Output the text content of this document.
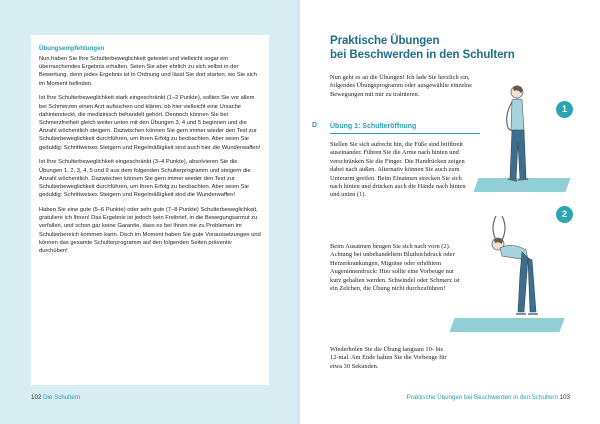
Übungsempfehlungen

Nun haben Sie Ihre Schulterbeweglichkeit getestet und vielleicht sogar ein überraschendes Ergebnis erhalten. Seien Sie aber ehrlich zu sich selbst in der Bewertung, denn jedes Ergebnis ist in Ordnung und lässt Sie dort starten, wo Sie sich im Moment befinden.

Ist Ihre Schulterbeweglichkeit stark eingeschränkt (1–2 Punkte), sollten Sie vor allem bei Schmerzen einen Arzt aufsuchen und klären, ob hier vielleicht eine Ursache dahintersteckt, die medizinisch behandelt gehört. Dennoch können Sie bei Schmerzfreiheit gleich weiter unten mit den Übungen 3, 4 und 5 beginnen und die Anzahl wöchentlich steigern. Dazwischen können Sie gern immer wieder den Test zur Schulterbeweglichkeit durchführen, um Ihren Erfolg zu beobachten. Aber seien Sie geduldig: Schrittweises Steigern und Regelmäßigkeit sind auch hier die Wunderwaffen!

Ist Ihre Schulterbeweglichkeit eingeschränkt (3–4 Punkte), absolvieren Sie die Übungen 1, 2, 3, 4, 5 und 9 aus dem folgenden Schulterprogramm und steigern die Anzahl wöchentlich. Dazwischen können Sie gern immer wieder den Test zur Schulterbeweglichkeit durchführen, um Ihren Erfolg zu beobachten. Aber seien Sie geduldig: Schrittweises Steigern und Regelmäßigkeit sind die Wunderwaffen!

Haben Sie eine gute (5–6 Punkte) oder sehr gute (7–8 Punkte) Schulterbeweglichkeit, gratuliere ich Ihnen! Das Ergebnis ist jedoch kein Freibrief, in die Bewegungsarmut zu verfallen, und schon gar keine Garantie, dass es bei Ihnen nie zu Problemen im Schulterbereich kommen kann. Doch im Moment haben Sie gute Voraussetzungen und können das gesamte Schulterprogramm auf den folgenden Seiten präventiv durchüben!

102 Die Schultern
Praktische Übungen
bei Beschwerden in den Schultern
Nun geht es an die Übungen! Ich lade Sie herzlich ein, folgendes Übungsprogramm oder ausgewählte einzelne Bewegungen mit mir zu trainieren.
D Übung 1: Schulteröffnung
Stellen Sie sich aufrecht hin, die Füße sind hüftbreit auseinander. Führen Sie die Arme nach hinten und verschränken Sie die Finger. Die Handrücken zeigen dabei nach außen. Alternativ können Sie auch zum Unterarm greifen. Beim Einatmen strecken Sie sich nach hinten und drücken auch die Hände nach hinten und unten (1).
Beim Ausatmen beugen Sie sich nach vorn (2). Achtung bei unbehandeltem Bluthochdruck oder Herzerkrankungen, Migräne oder erhöhtem Augeninnendruck: Hier sollte eine Vorbeuge nur kurz gehalten werden. Schwindel oder Schmerz ist ein Zeichen, die Übung nicht durchzuführen!
Wiederholen Sie die Übung langsam 10- bis 12-mal. Am Ende halten Sie die Vorbeuge für etwa 30 Sekunden.
1
2
Praktische Übungen bei Beschwerden in den Schultern 103
